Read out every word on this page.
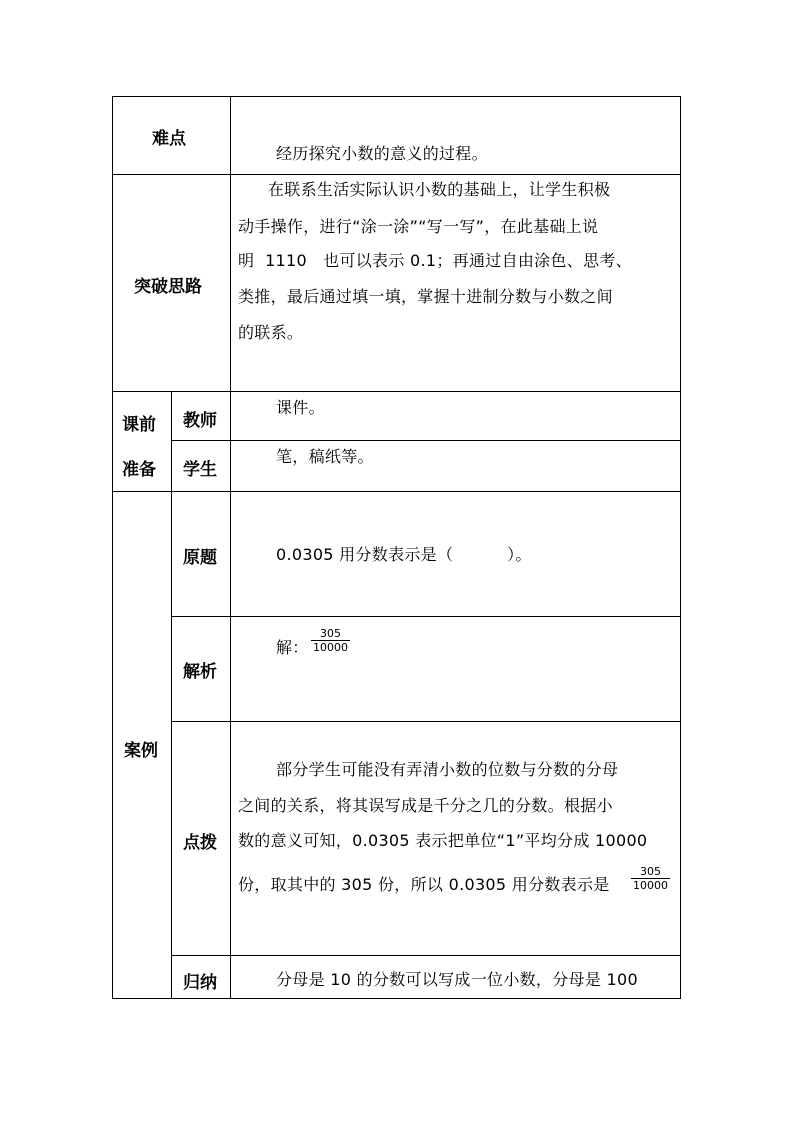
难点
经历探究小数的意义的过程。
突破思路
在联系生活实际认识小数的基础上，让学生积极
动手操作，进行“涂一涂”“写一写”，在此基础上说
明  1110   也可以表示 0.1；再通过自由涂色、思考、
类推，最后通过填一填，掌握十进制分数与小数之间
的联系。
课前
准备
教师
课件。
学生
笔，稿纸等。
案例
原题	0.0305 用分数表示是（          ）。
解析
解：
305
10000
点拨
部分学生可能没有弄清小数的位数与分数的分母
之间的关系，将其误写成是千分之几的分数。根据小
数的意义可知，0.0305 表示把单位“1”平均分成 10000
份，取其中的 305 份，所以 0.0305 用分数表示是
305
10000
归纳	分母是 10 的分数可以写成一位小数，分母是 100
